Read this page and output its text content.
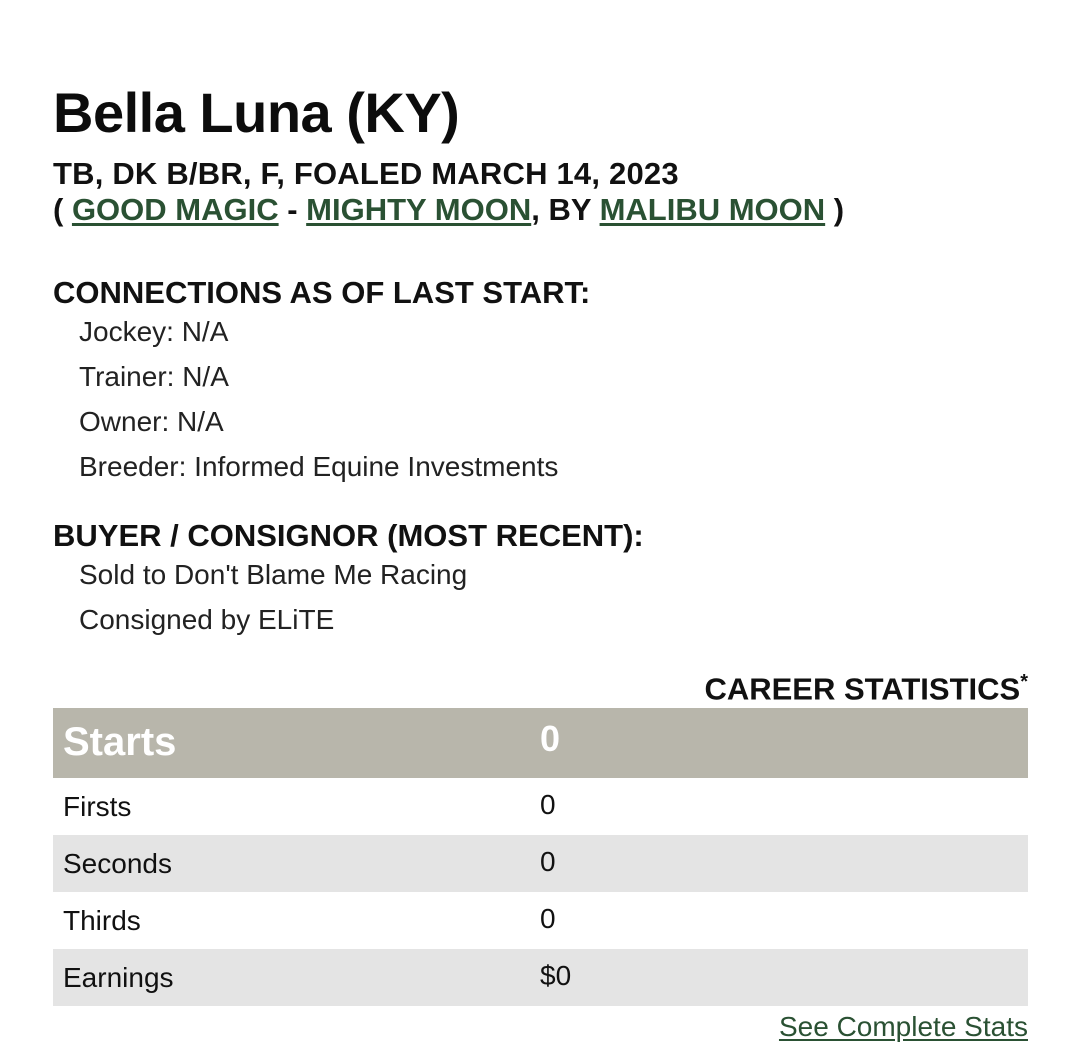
Bella Luna (KY)
TB, DK B/BR, F, FOALED MARCH 14, 2023
( GOOD MAGIC - MIGHTY MOON, BY MALIBU MOON )
CONNECTIONS AS OF LAST START:
Jockey: N/A
Trainer: N/A
Owner: N/A
Breeder: Informed Equine Investments
BUYER / CONSIGNOR (MOST RECENT):
Sold to Don't Blame Me Racing
Consigned by ELiTE
CAREER STATISTICS*
Starts	0
Firsts	0
Seconds	0
Thirds	0
Earnings	$0
See Complete Stats
